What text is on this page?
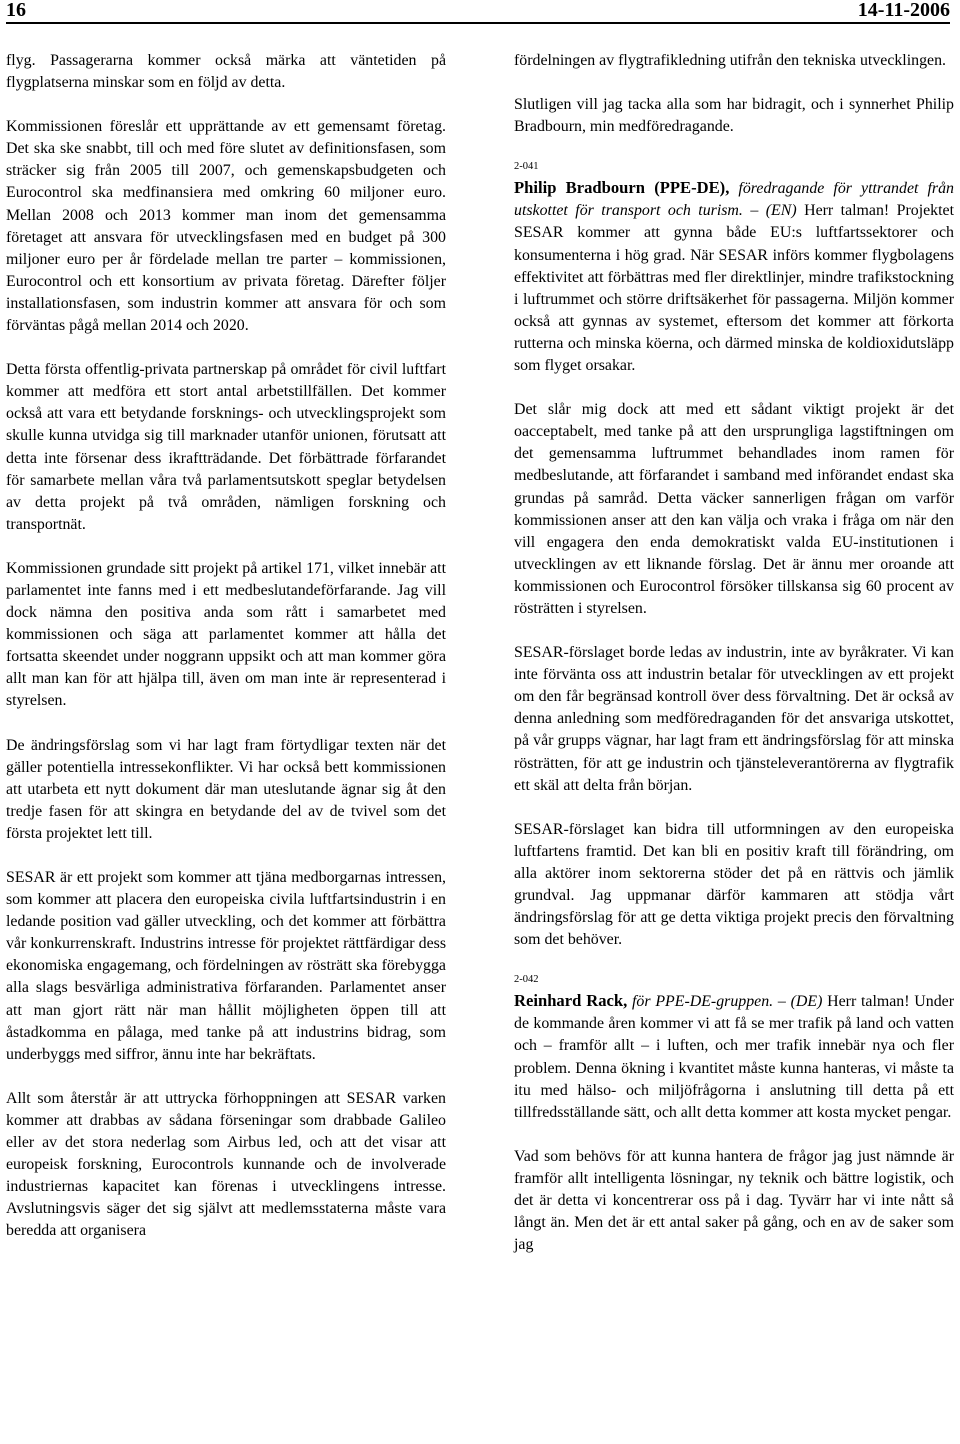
16	14-11-2006

flyg. Passagerarna kommer också märka att väntetiden på flygplatserna minskar som en följd av detta.

Kommissionen föreslår ett upprättande av ett gemensamt företag. Det ska ske snabbt, till och med före slutet av definitionsfasen, som sträcker sig från 2005 till 2007, och gemenskapsbudgeten och Eurocontrol ska medfinansiera med omkring 60 miljoner euro. Mellan 2008 och 2013 kommer man inom det gemensamma företaget att ansvara för utvecklingsfasen med en budget på 300 miljoner euro per år fördelade mellan tre parter – kommissionen, Eurocontrol och ett konsortium av privata företag. Därefter följer installationsfasen, som industrin kommer att ansvara för och som förväntas pågå mellan 2014 och 2020.

Detta första offentlig-privata partnerskap på området för civil luftfart kommer att medföra ett stort antal arbetstillfällen. Det kommer också att vara ett betydande forsknings- och utvecklingsprojekt som skulle kunna utvidga sig till marknader utanför unionen, förutsatt att detta inte försenar dess ikraftträdande. Det förbättrade förfarandet för samarbete mellan våra två parlamentsutskott speglar betydelsen av detta projekt på två områden, nämligen forskning och transportnät.

Kommissionen grundade sitt projekt på artikel 171, vilket innebär att parlamentet inte fanns med i ett medbeslutandeförfarande. Jag vill dock nämna den positiva anda som rått i samarbetet med kommissionen och säga att parlamentet kommer att hålla det fortsatta skeendet under noggrann uppsikt och att man kommer göra allt man kan för att hjälpa till, även om man inte är representerad i styrelsen.

De ändringsförslag som vi har lagt fram förtydligar texten när det gäller potentiella intressekonflikter. Vi har också bett kommissionen att utarbeta ett nytt dokument där man uteslutande ägnar sig åt den tredje fasen för att skingra en betydande del av de tvivel som det första projektet lett till.

SESAR är ett projekt som kommer att tjäna medborgarnas intressen, som kommer att placera den europeiska civila luftfartsindustrin i en ledande position vad gäller utveckling, och det kommer att förbättra vår konkurrenskraft. Industrins intresse för projektet rättfärdigar dess ekonomiska engagemang, och fördelningen av rösträtt ska förebygga alla slags besvärliga administrativa förfaranden. Parlamentet anser att man gjort rätt när man hållit möjligheten öppen till att åstadkomma en pålaga, med tanke på att industrins bidrag, som underbyggs med siffror, ännu inte har bekräftats.

Allt som återstår är att uttrycka förhoppningen att SESAR varken kommer att drabbas av sådana förseningar som drabbade Galileo eller av det stora nederlag som Airbus led, och att det visar att europeisk forskning, Eurocontrols kunnande och de involverade industriernas kapacitet kan förenas i utvecklingens intresse. Avslutningsvis säger det sig självt att medlemsstaterna måste vara beredda att organisera

fördelningen av flygtrafikledning utifrån den tekniska utvecklingen.

Slutligen vill jag tacka alla som har bidragit, och i synnerhet Philip Bradbourn, min medföredragande.

2-041

Philip Bradbourn (PPE-DE), föredragande för yttrandet från utskottet för transport och turism. – (EN) Herr talman! Projektet SESAR kommer att gynna både EU:s luftfartssektorer och konsumenterna i hög grad. När SESAR införs kommer flygbolagens effektivitet att förbättras med fler direktlinjer, mindre trafikstockning i luftrummet och större driftsäkerhet för passagerna. Miljön kommer också att gynnas av systemet, eftersom det kommer att förkorta rutterna och minska köerna, och därmed minska de koldioxidutsläpp som flyget orsakar.

Det slår mig dock att med ett sådant viktigt projekt är det oacceptabelt, med tanke på att den ursprungliga lagstiftningen om det gemensamma luftrummet behandlades inom ramen för medbeslutande, att förfarandet i samband med införandet endast ska grundas på samråd. Detta väcker sannerligen frågan om varför kommissionen anser att den kan välja och vraka i fråga om när den vill engagera den enda demokratiskt valda EU-institutionen i utvecklingen av ett liknande förslag. Det är ännu mer oroande att kommissionen och Eurocontrol försöker tillskansa sig 60 procent av rösträtten i styrelsen.

SESAR-förslaget borde ledas av industrin, inte av byråkrater. Vi kan inte förvänta oss att industrin betalar för utvecklingen av ett projekt om den får begränsad kontroll över dess förvaltning. Det är också av denna anledning som medföredraganden för det ansvariga utskottet, på vår grupps vägnar, har lagt fram ett ändringsförslag för att minska rösträtten, för att ge industrin och tjänsteleverantörerna av flygtrafik ett skäl att delta från början.

SESAR-förslaget kan bidra till utformningen av den europeiska luftfartens framtid. Det kan bli en positiv kraft till förändring, om alla aktörer inom sektorerna stöder det på en rättvis och jämlik grundval. Jag uppmanar därför kammaren att stödja vårt ändringsförslag för att ge detta viktiga projekt precis den förvaltning som det behöver.

2-042

Reinhard Rack, för PPE-DE-gruppen. – (DE) Herr talman! Under de kommande åren kommer vi att få se mer trafik på land och vatten och – framför allt – i luften, och mer trafik innebär nya och fler problem. Denna ökning i kvantitet måste kunna hanteras, vi måste ta itu med hälso- och miljöfrågorna i anslutning till detta på ett tillfredsställande sätt, och allt detta kommer att kosta mycket pengar.

Vad som behövs för att kunna hantera de frågor jag just nämnde är framför allt intelligenta lösningar, ny teknik och bättre logistik, och det är detta vi koncentrerar oss på i dag. Tyvärr har vi inte nått så långt än. Men det är ett antal saker på gång, och en av de saker som jag
